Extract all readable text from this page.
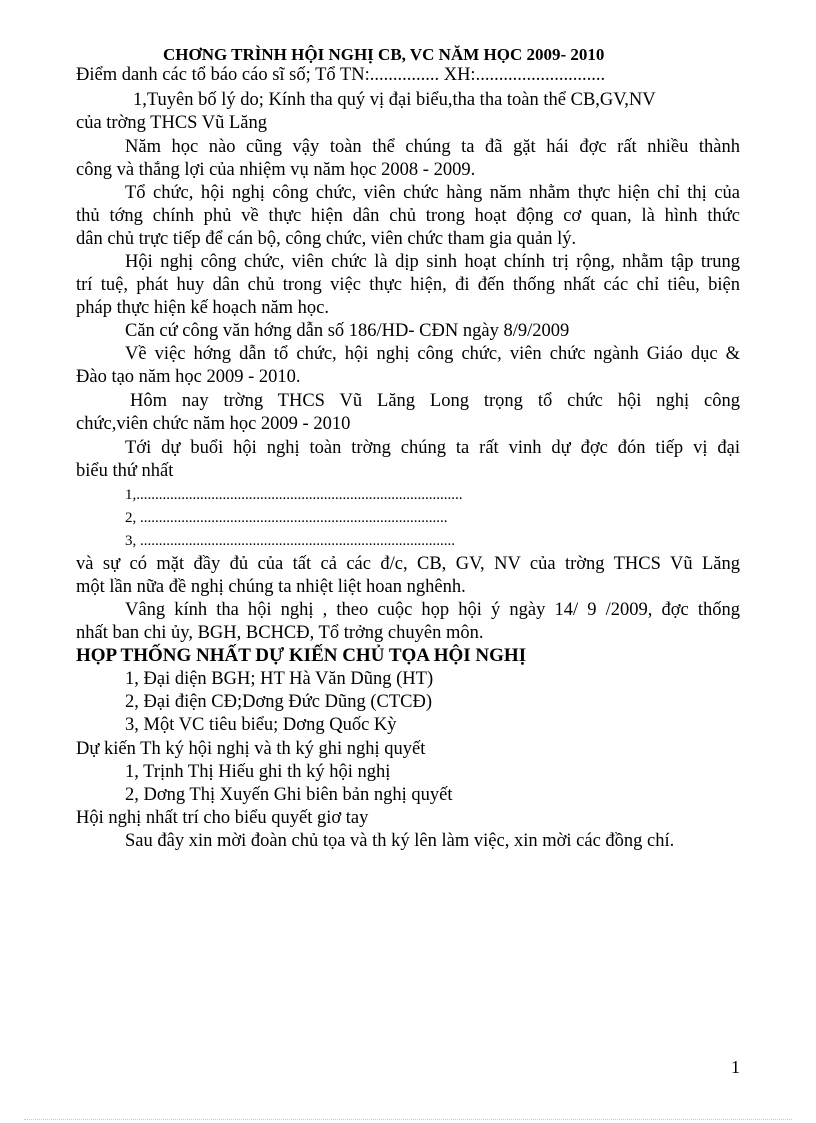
CHƠNG TRÌNH HỘI NGHỊ CB, VC NĂM HỌC 2009- 2010
Điểm danh các tổ báo cáo sĩ số; Tổ TN:............... XH:............................
1,Tuyên bố lý do; Kính tha quý vị đại biểu,tha tha toàn thể CB,GV,NV
của trờng THCS Vũ Lăng
Năm học nào cũng vậy toàn thể chúng ta đã gặt hái đợc rất nhiều thành
công và thắng lợi của nhiệm vụ năm học 2008 - 2009.
Tổ chức, hội nghị công chức, viên chức hàng năm nhằm thực hiện chỉ thị của
thủ tớng chính phủ về thực hiện dân chủ trong hoạt động cơ quan, là hình thức
dân chủ trực tiếp để cán bộ, công chức, viên chức tham gia quản lý.
Hội nghị công chức, viên chức là dịp sinh hoạt chính trị rộng, nhằm tập trung
trí tuệ, phát huy dân chủ trong việc thực hiện, đi đến thống nhất các chỉ tiêu, biện
pháp thực hiện kế hoạch năm học.
Căn cứ công văn hớng dẫn số 186/HD- CĐN ngày 8/9/2009
Về việc hớng dẫn tổ chức, hội nghị công chức, viên chức ngành Giáo dục &
Đào tạo năm học 2009 - 2010.
Hôm nay trờng THCS Vũ Lăng Long trọng tổ chức hội nghị công
chức,viên chức năm học 2009 - 2010
Tới dự buổi hội nghị toàn trờng chúng ta rất vinh dự đợc đón tiếp vị đại
biểu thứ nhất
1,.......................................................................................
2, ..................................................................................
3, ....................................................................................
và sự có mặt đầy đủ của tất cả các đ/c, CB, GV, NV của trờng THCS Vũ Lăng
một lần nữa đề nghị chúng ta nhiệt liệt hoan nghênh.
Vâng kính tha hội nghị , theo cuộc họp hội ý ngày 14/ 9 /2009, đợc thống
nhất ban chi ủy, BGH, BCHCĐ, Tổ trởng chuyên môn.
HỌP THỐNG NHẤT DỰ KIẾN CHỦ TỌA HỘI NGHỊ
1, Đại diện BGH; HT Hà Văn Dũng (HT)
2, Đại điện CĐ;Dơng Đức Dũng (CTCĐ)
3, Một VC tiêu biểu; Dơng Quốc Kỳ
Dự kiến Th ký hội nghị và th ký ghi nghị quyết
1, Trịnh Thị Hiếu ghi th ký hội nghị
2, Dơng Thị Xuyến Ghi biên bản nghị quyết
Hội nghị nhất trí cho biểu quyết giơ tay
Sau đây xin mời đoàn chủ tọa và th ký lên làm việc, xin mời các đồng chí.
1
